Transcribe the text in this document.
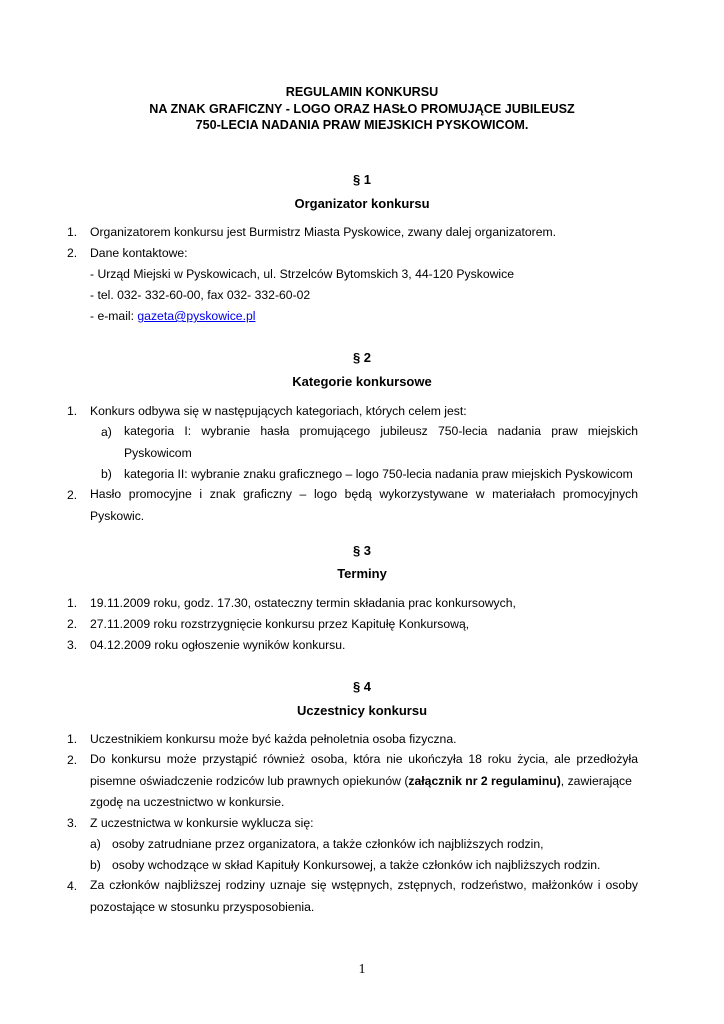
REGULAMIN KONKURSU
NA ZNAK GRAFICZNY - LOGO ORAZ HASŁO PROMUJĄCE JUBILEUSZ
750-LECIA NADANIA PRAW MIEJSKICH PYSKOWICOM.
§ 1
Organizator konkursu
1. Organizatorem konkursu jest Burmistrz Miasta Pyskowice, zwany dalej organizatorem.
2. Dane kontaktowe:
- Urząd Miejski w Pyskowicach, ul. Strzelców Bytomskich 3, 44-120 Pyskowice
- tel. 032- 332-60-00, fax 032- 332-60-02
- e-mail: gazeta@pyskowice.pl
§ 2
Kategorie konkursowe
1. Konkurs odbywa się w następujących kategoriach, których celem jest:
a) kategoria I: wybranie hasła promującego jubileusz 750-lecia nadania praw miejskich
Pyskowicom
b) kategoria II: wybranie znaku graficznego – logo 750-lecia nadania praw miejskich Pyskowicom
2. Hasło promocyjne i znak graficzny – logo będą wykorzystywane w materiałach promocyjnych
Pyskowic.
§ 3
Terminy
1. 19.11.2009 roku, godz. 17.30, ostateczny termin składania prac konkursowych,
2. 27.11.2009 roku rozstrzygnięcie konkursu przez Kapitułę Konkursową,
3. 04.12.2009 roku ogłoszenie wyników konkursu.
§ 4
Uczestnicy konkursu
1. Uczestnikiem konkursu może być każda pełnoletnia osoba fizyczna.
2. Do konkursu może przystąpić również osoba, która nie ukończyła 18 roku życia, ale przedłożyła
pisemne oświadczenie rodziców lub prawnych opiekunów (załącznik nr 2 regulaminu), zawierające
zgodę na uczestnictwo w konkursie.
3. Z uczestnictwa w konkursie wyklucza się:
a) osoby zatrudniane przez organizatora, a także członków ich najbliższych rodzin,
b) osoby wchodzące w skład Kapituły Konkursowej, a także członków ich najbliższych rodzin.
4. Za członków najbliższej rodziny uznaje się wstępnych, zstępnych, rodzeństwo, małżonków i osoby
pozostające w stosunku przysposobienia.
1
